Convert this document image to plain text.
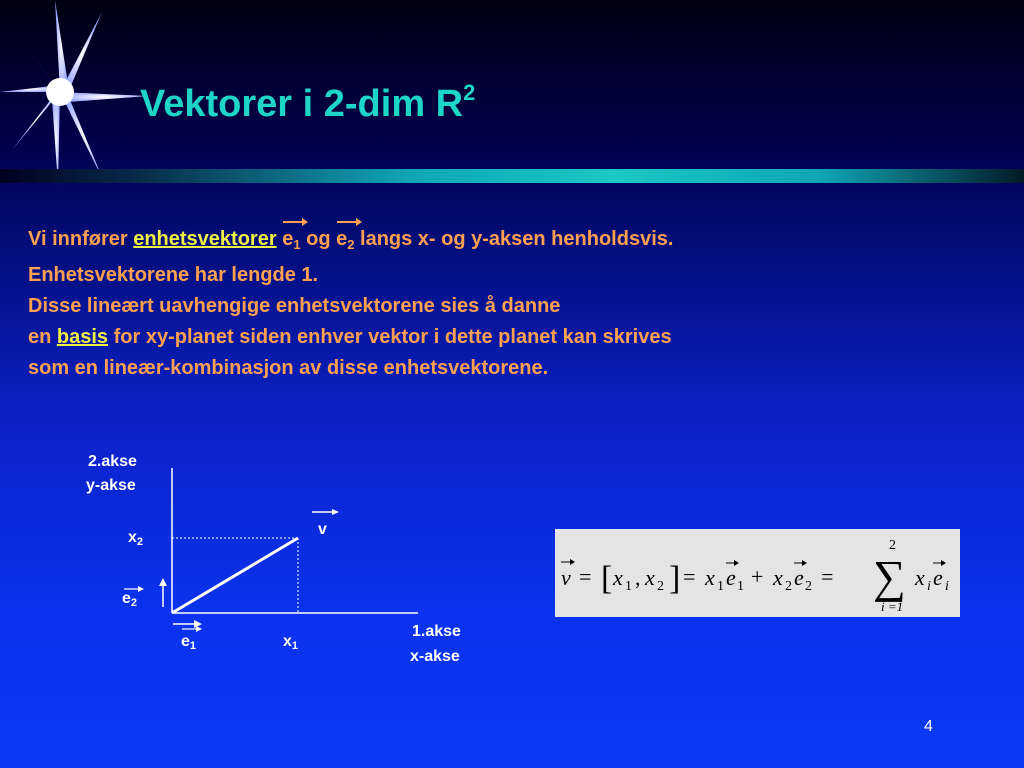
Vektorer i 2-dim $R^2$
Vi innfører enhetsvektorer $e_1$ og
$e_2$ langs x- og y-aksen henholdsvis.
Enhetsvektorene har lengde 1.
Disse lineært uavhengige enhetsvektorene sies å danne
en basis for xy-planet siden enhver vektor i dette planet kan skrives
som en lineær-kombinasjon av disse enhetsvektorene.
2.akse
y-akse
$x_2$
v
$e_2$
$e_1$	$x_1$
1.akse
x-akse
v = [ x 1 , x 2 ] = x 1 e 1 + x 2 e 2 =
2
∑
i =1
x i e i
4
